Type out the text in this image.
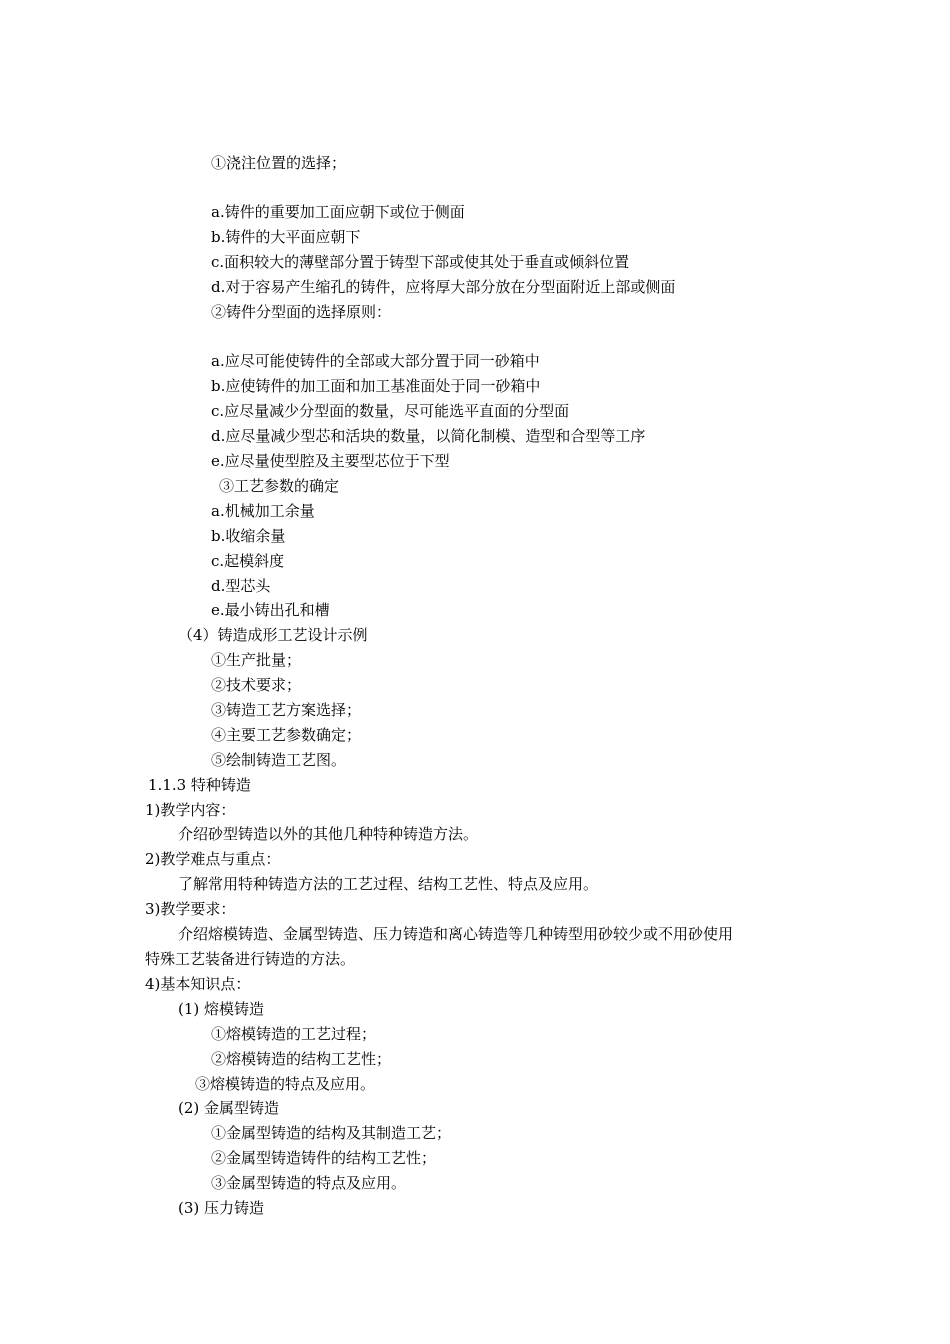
①浇注位置的选择；
a.铸件的重要加工面应朝下或位于侧面
b.铸件的大平面应朝下
c.面积较大的薄壁部分置于铸型下部或使其处于垂直或倾斜位置
d.对于容易产生缩孔的铸件，应将厚大部分放在分型面附近上部或侧面
②铸件分型面的选择原则：
a.应尽可能使铸件的全部或大部分置于同一砂箱中
b.应使铸件的加工面和加工基准面处于同一砂箱中
c.应尽量减少分型面的数量，尽可能选平直面的分型面
d.应尽量减少型芯和活块的数量，以简化制模、造型和合型等工序
e.应尽量使型腔及主要型芯位于下型
③工艺参数的确定
a.机械加工余量
b.收缩余量
c.起模斜度
d.型芯头
e.最小铸出孔和槽
（4）铸造成形工艺设计示例
①生产批量；
②技术要求；
③铸造工艺方案选择；
④主要工艺参数确定；
⑤绘制铸造工艺图。
1.1.3 特种铸造
1)教学内容：
介绍砂型铸造以外的其他几种特种铸造方法。
2)教学难点与重点：
了解常用特种铸造方法的工艺过程、结构工艺性、特点及应用。
3)教学要求：
介绍熔模铸造、金属型铸造、压力铸造和离心铸造等几种铸型用砂较少或不用砂使用
特殊工艺装备进行铸造的方法。
4)基本知识点：
(1) 熔模铸造
①熔模铸造的工艺过程；
②熔模铸造的结构工艺性；
③熔模铸造的特点及应用。
(2) 金属型铸造
①金属型铸造的结构及其制造工艺；
②金属型铸造铸件的结构工艺性；
③金属型铸造的特点及应用。
(3) 压力铸造
